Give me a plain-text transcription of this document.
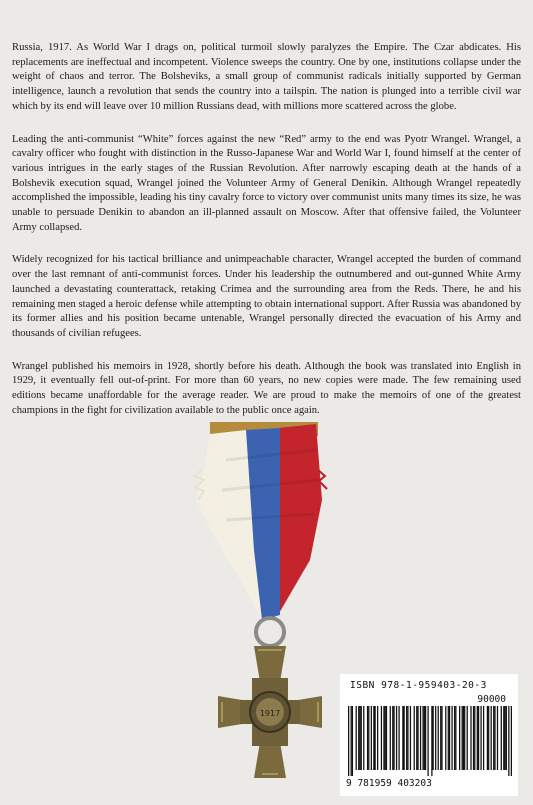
Russia, 1917. As World War I drags on, political turmoil slowly paralyzes the Empire. The Czar abdicates. His replacements are ineffectual and incompetent. Violence sweeps the country. One by one, institutions collapse under the weight of chaos and terror. The Bolsheviks, a small group of communist radicals initially supported by German intelligence, launch a revolution that sends the country into a tailspin. The nation is plunged into a terrible civil war which by its end will leave over 10 million Russians dead, with millions more scattered across the globe.

Leading the anti-communist “White” forces against the new “Red” army to the end was Pyotr Wrangel. Wrangel, a cavalry officer who fought with distinction in the Russo-Japanese War and World War I, found himself at the center of various intrigues in the early stages of the Russian Revolution. After narrowly escaping death at the hands of a Bolshevik execution squad, Wrangel joined the Volunteer Army of General Denikin. Although Wrangel repeatedly accomplished the impossible, leading his tiny cavalry force to victory over communist units many times its size, he was unable to persuade Denikin to abandon an ill-planned assault on Moscow. After that offensive failed, the Volunteer Army collapsed.

Widely recognized for his tactical brilliance and unimpeachable character, Wrangel accepted the burden of command over the last remnant of anti-communist forces. Under his leadership the outnumbered and out-gunned White Army launched a devastating counterattack, retaking Crimea and the surrounding area from the Reds. There, he and his remaining men staged a heroic defense while attempting to obtain international support. After Russia was abandoned by its former allies and his position became untenable, Wrangel personally directed the evacuation of his Army and thousands of civilian refugees.

Wrangel published his memoirs in 1928, shortly before his death. Although the book was translated into English in 1929, it eventually fell out-of-print. For more than 60 years, no new copies were made. The few remaining used editions became unaffordable for the average reader. We are proud to make the memoirs of one of the greatest champions in the fight for civilization available to the public once again.

1917
ISBN 978-1-959403-20-3
90000
9 781959 403203
